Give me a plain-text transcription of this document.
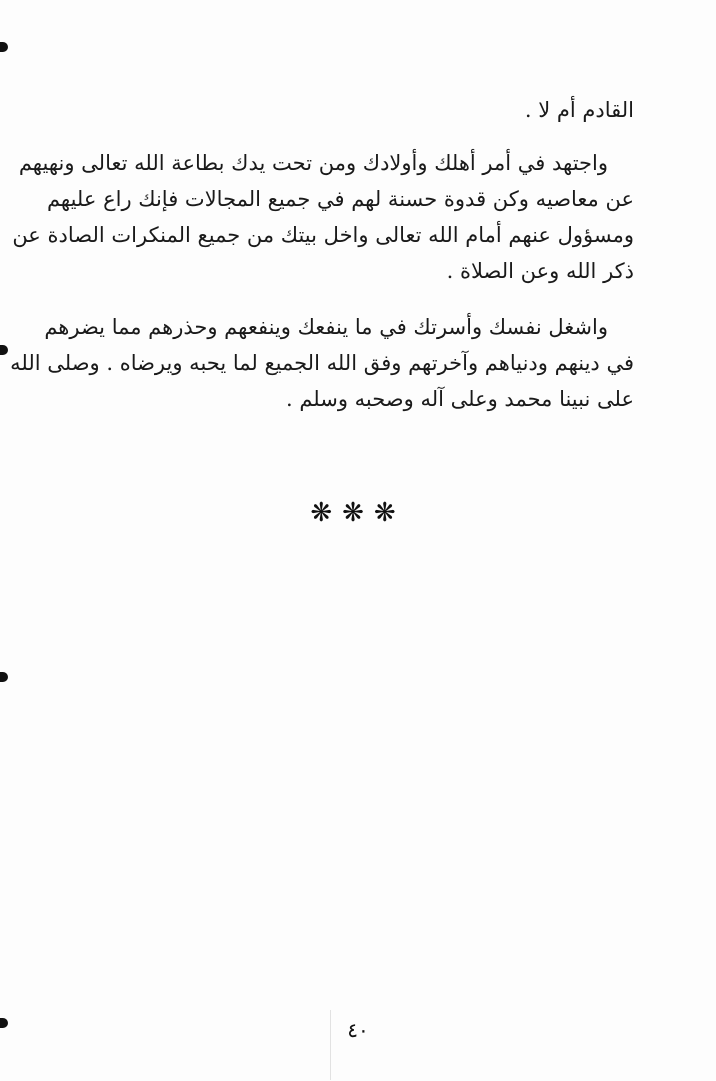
القادم أم لا .
واجتهد في أمر أهلك وأولادك ومن تحت يدك بطاعة الله تعالى ونهيهم
عن معاصيه وكن قدوة حسنة لهم في جميع المجالات فإنك راع عليهم
ومسؤول عنهم أمام الله تعالى واخل بيتك من جميع المنكرات الصادة عن
ذكر الله وعن الصلاة .
واشغل نفسك وأسرتك في ما ينفعك وينفعهم وحذرهم مما يضرهم
في دينهم ودنياهم وآخرتهم وفق الله الجميع لما يحبه ويرضاه . وصلى الله
على نبينا محمد وعلى آله وصحبه وسلم .
❋❋❋
٤٠
